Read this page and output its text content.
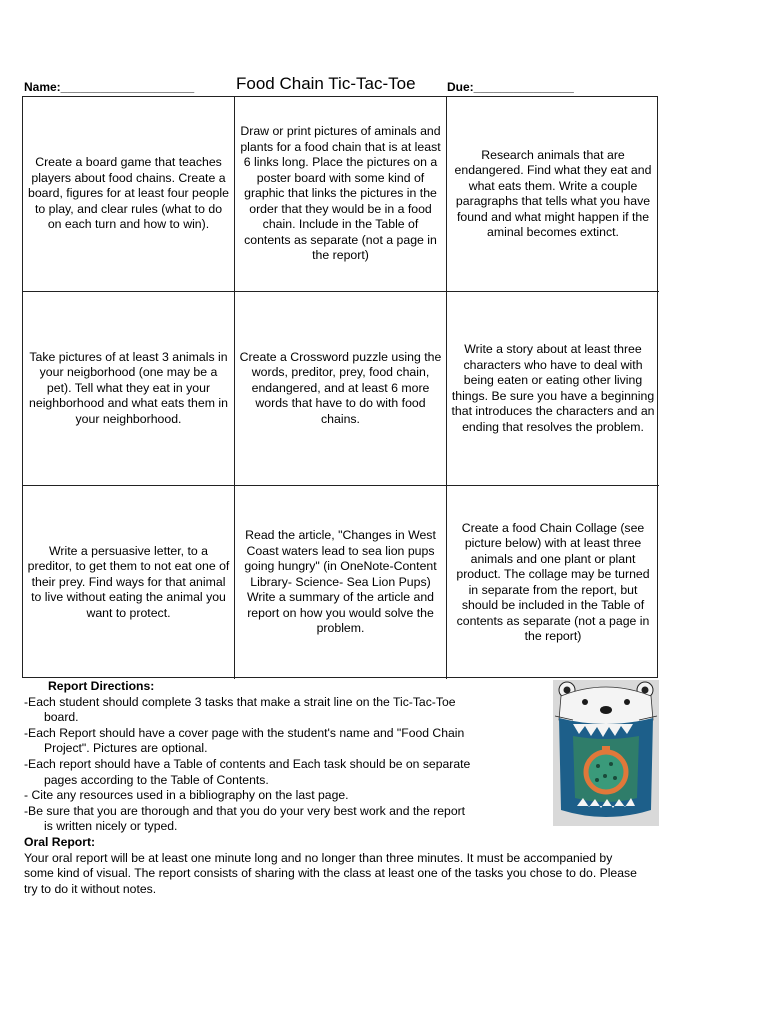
Name:____________________ Food Chain Tic-Tac-Toe	Due:_______________
Create a board game that teaches players about food chains. Create a board, figures for at least four people to play, and clear rules (what to do on each turn and how to win).
Draw or print pictures of aminals and plants for a food chain that is at least 6 links long. Place the pictures on a poster board with some kind of graphic that links the pictures in the order that they would be in a food chain. Include in the Table of contents as separate (not a page in the report)
Research animals that are endangered. Find what they eat and what eats them. Write a couple paragraphs that tells what you have found and what might happen if the aminal becomes extinct.
Take pictures of at least 3 animals in your neigborhood (one may be a pet). Tell what they eat in your neighborhood and what eats them in your neighborhood.
Create a Crossword puzzle using the words, preditor, prey, food chain, endangered, and at least 6 more words that have to do with food chains.
Write a story about at least three characters who have to deal with being eaten or eating other living things. Be sure you have a beginning that introduces the characters and an ending that resolves the problem.
Write a persuasive letter, to a preditor, to get them to not eat one of their prey. Find ways for that animal to live without eating the animal you want to protect.
Read the article, "Changes in West Coast waters lead to sea lion pups going hungry" (in OneNote-Content Library- Science- Sea Lion Pups) Write a summary of the article and report on how you would solve the problem.
Create a food Chain Collage (see picture below) with at least three animals and one plant or plant product. The collage may be turned in separate from the report, but should be included in the Table of contents as separate (not a page in the report)
Report Directions:
-Each student should complete 3 tasks that make a strait line on the Tic-Tac-Toe board.
-Each Report should have a cover page with the student's name and "Food Chain Project". Pictures are optional.
-Each report should have a Table of contents and Each task should be on separate pages according to the Table of Contents.
- Cite any resources used in a bibliography on the last page.
-Be sure that you are thorough and that you do your very best work and the report is written nicely or typed.
Oral Report:
Your oral report will be at least one minute long and no longer than three minutes. It must be accompanied by some kind of visual. The report consists of sharing with the class at least one of the tasks you chose to do. Please try to do it without notes.
